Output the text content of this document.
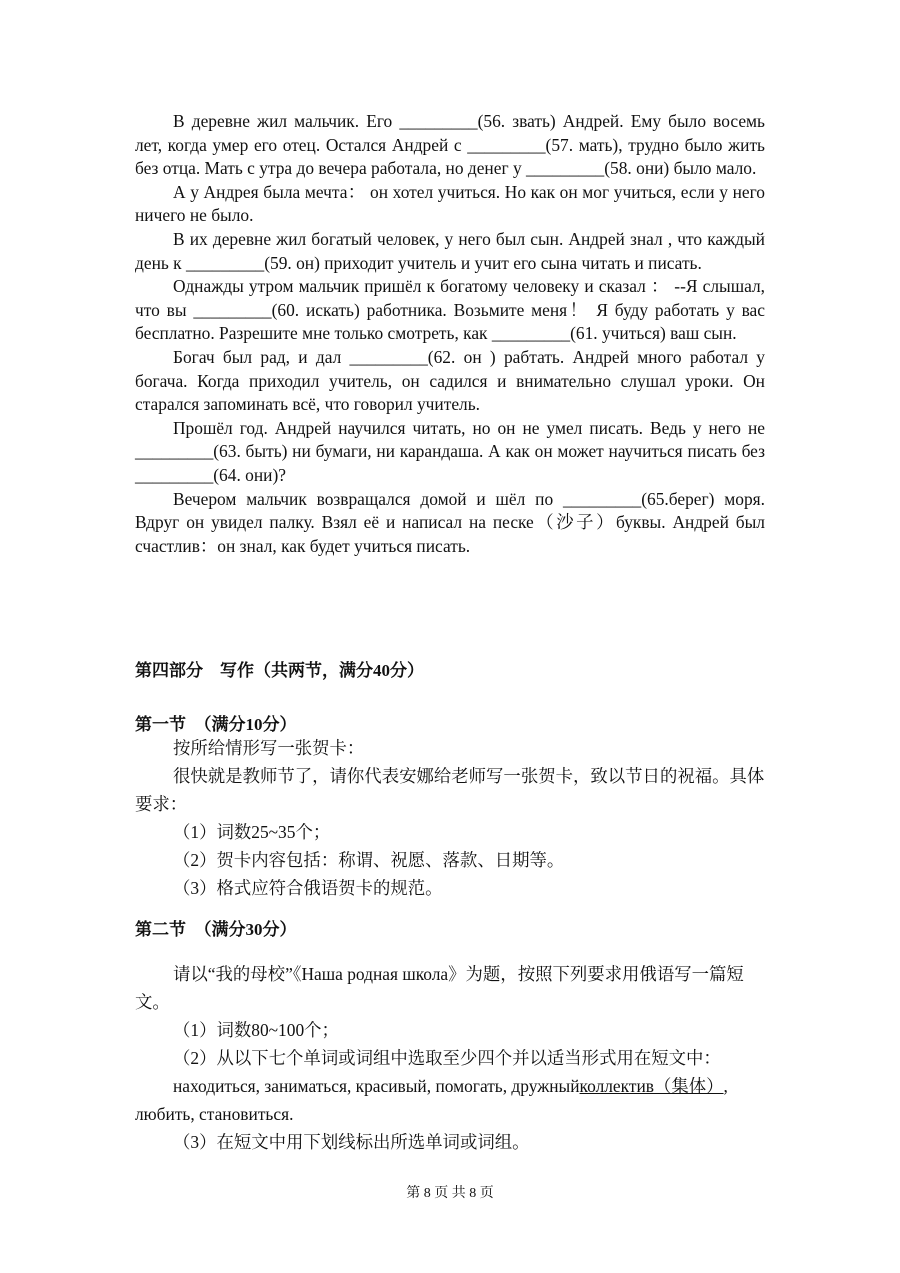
В деревне жил мальчик. Его _________(56. звать) Андрей. Ему было восемь лет, когда умер его отец. Остался Андрей с _________(57. мать), трудно было жить без отца. Мать с утра до вечера работала, но денег у _________(58. они) было мало.

А у Андрея была мечта： он хотел учиться. Но как он мог учиться, если у него ничего не было.

В их деревне жил богатый человек, у него был сын. Андрей знал , что каждый день к _________(59. он) приходит учитель и учит его сына читать и писать.

Однажды утром мальчик пришёл к богатому человеку и сказал ： --Я слышал, что вы _________(60. искать) работника. Возьмите меня！ Я буду работать у вас бесплатно. Разрешите мне только смотреть, как _________(61. учиться) ваш сын.

Богач был рад, и дал _________(62. он ) рабтать. Андрей много работал у богача. Когда приходил учитель, он садился и внимательно слушал уроки. Он старался запоминать всё, что говорил учитель.

Прошёл год. Андрей научился читать, но он не умел писать. Ведь у него не _________(63. быть) ни бумаги, ни карандаша. А как он может научиться писать без _________(64. они)?

Вечером мальчик возвращался домой и шёл по _________(65.берег) моря. Вдруг он увидел палку. Взял её и написал на песке（沙子）буквы. Андрей был счастлив：он знал, как будет учиться писать.

第四部分　写作（共两节，满分40分）
第一节　（满分10分）

按所给情形写一张贺卡：

很快就是教师节了，请你代表安娜给老师写一张贺卡，致以节日的祝福。具体要求：

（1）词数25~35个；

（2）贺卡内容包括：称谓、祝愿、落款、日期等。

（3）格式应符合俄语贺卡的规范。

第二节　（满分30分）

请以“我的母校”《Наша родная школа》为题，按照下列要求用俄语写一篇短文。

（1）词数80~100个；

（2）从以下七个单词或词组中选取至少四个并以适当形式用在短文中：

находиться, заниматься, красивый, помогать, дружныйколлектив（集体）,

любить, становиться.

（3）在短文中用下划线标出所选单词或词组。

第 8 页 共 8 页
